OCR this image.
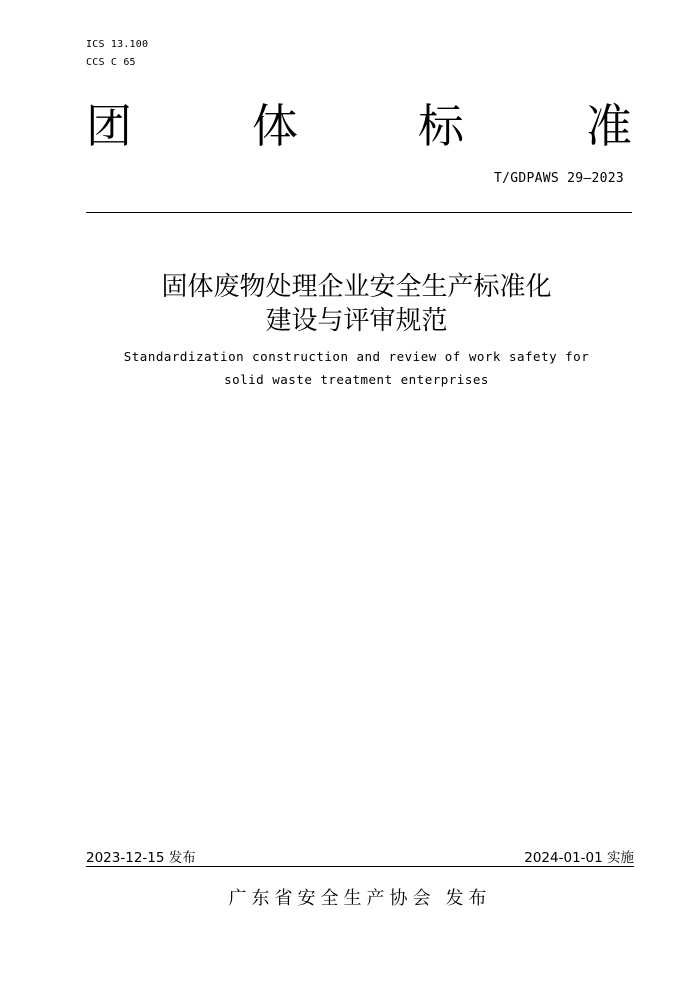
ICS 13.100
CCS C 65
团	体	标	准
T/GDPAWS 29—2023
固体废物处理企业安全生产标准化
建设与评审规范
Standardization construction and review of work safety for
solid waste treatment enterprises
2023-12-15 发布	2024-01-01 实施
广东省安全生产协会 发布
